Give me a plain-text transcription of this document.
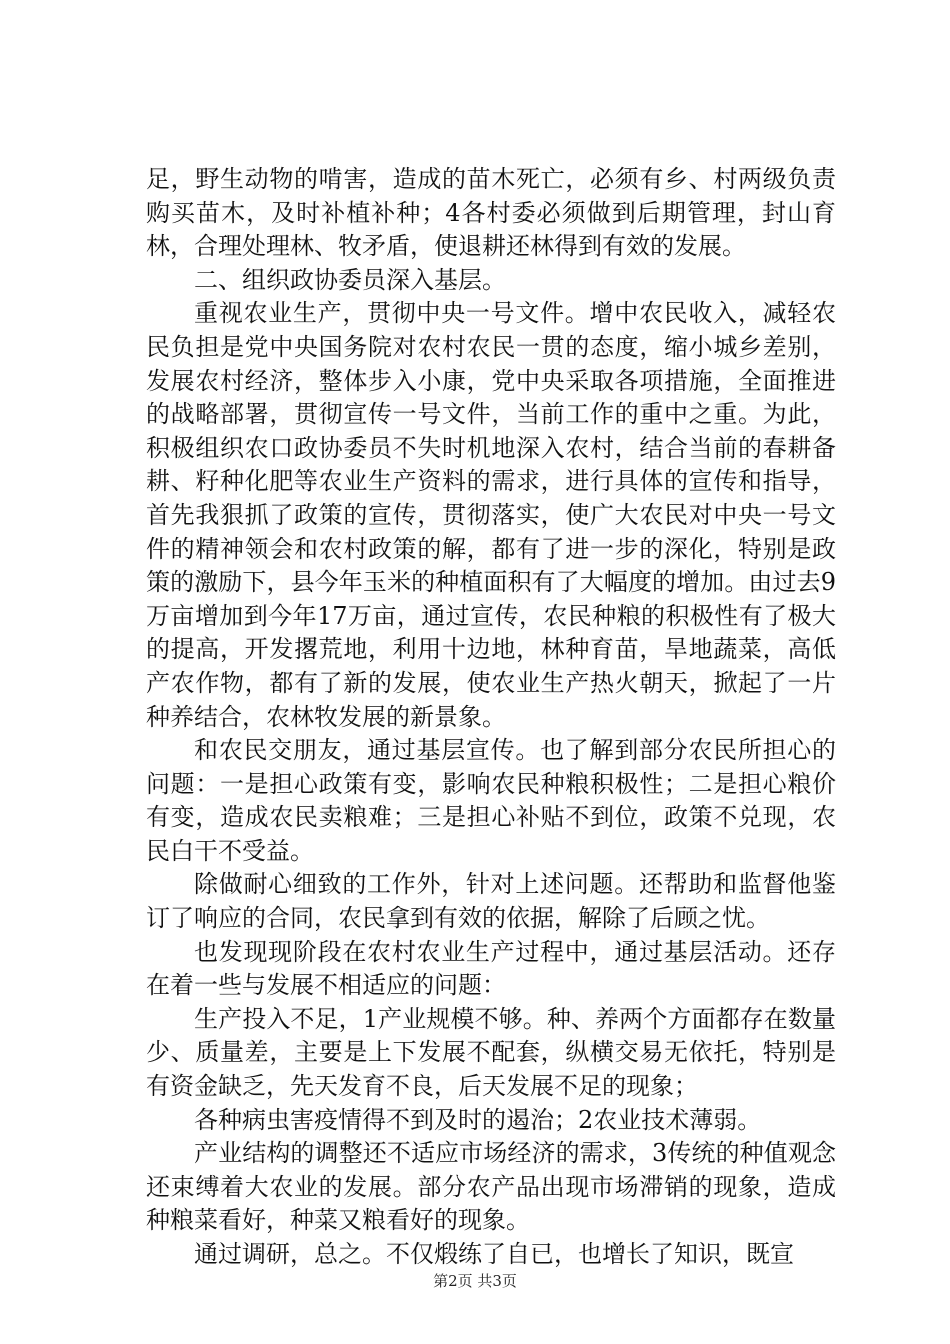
足，野生动物的啃害，造成的苗木死亡，必须有乡、村两级负责购买苗木，及时补植补种；4各村委必须做到后期管理，封山育林，合理处理林、牧矛盾，使退耕还林得到有效的发展。

二、组织政协委员深入基层。

重视农业生产，贯彻中央一号文件。增中农民收入，减轻农民负担是党中央国务院对农村农民一贯的态度，缩小城乡差别，发展农村经济，整体步入小康，党中央采取各项措施，全面推进的战略部署，贯彻宣传一号文件，当前工作的重中之重。为此，积极组织农口政协委员不失时机地深入农村，结合当前的春耕备耕、籽种化肥等农业生产资料的需求，进行具体的宣传和指导，首先我狠抓了政策的宣传，贯彻落实，使广大农民对中央一号文件的精神领会和农村政策的解，都有了进一步的深化，特别是政策的激励下，县今年玉米的种植面积有了大幅度的增加。由过去9万亩增加到今年17万亩，通过宣传，农民种粮的积极性有了极大的提高，开发撂荒地，利用十边地，林种育苗，旱地蔬菜，高低产农作物，都有了新的发展，使农业生产热火朝天，掀起了一片种养结合，农林牧发展的新景象。

和农民交朋友，通过基层宣传。也了解到部分农民所担心的问题：一是担心政策有变，影响农民种粮积极性；二是担心粮价有变，造成农民卖粮难；三是担心补贴不到位，政策不兑现，农民白干不受益。

除做耐心细致的工作外，针对上述问题。还帮助和监督他鉴订了响应的合同，农民拿到有效的依据，解除了后顾之忧。

也发现现阶段在农村农业生产过程中，通过基层活动。还存在着一些与发展不相适应的问题：

生产投入不足，1产业规模不够。种、养两个方面都存在数量少、质量差，主要是上下发展不配套，纵横交易无依托，特别是有资金缺乏，先天发育不良，后天发展不足的现象；

各种病虫害疫情得不到及时的遏治；2农业技术薄弱。

产业结构的调整还不适应市场经济的需求，3传统的种值观念还束缚着大农业的发展。部分农产品出现市场滞销的现象，造成种粮菜看好，种菜又粮看好的现象。

通过调研，总之。不仅煅练了自已，也增长了知识，既宣

第2页 共3页
